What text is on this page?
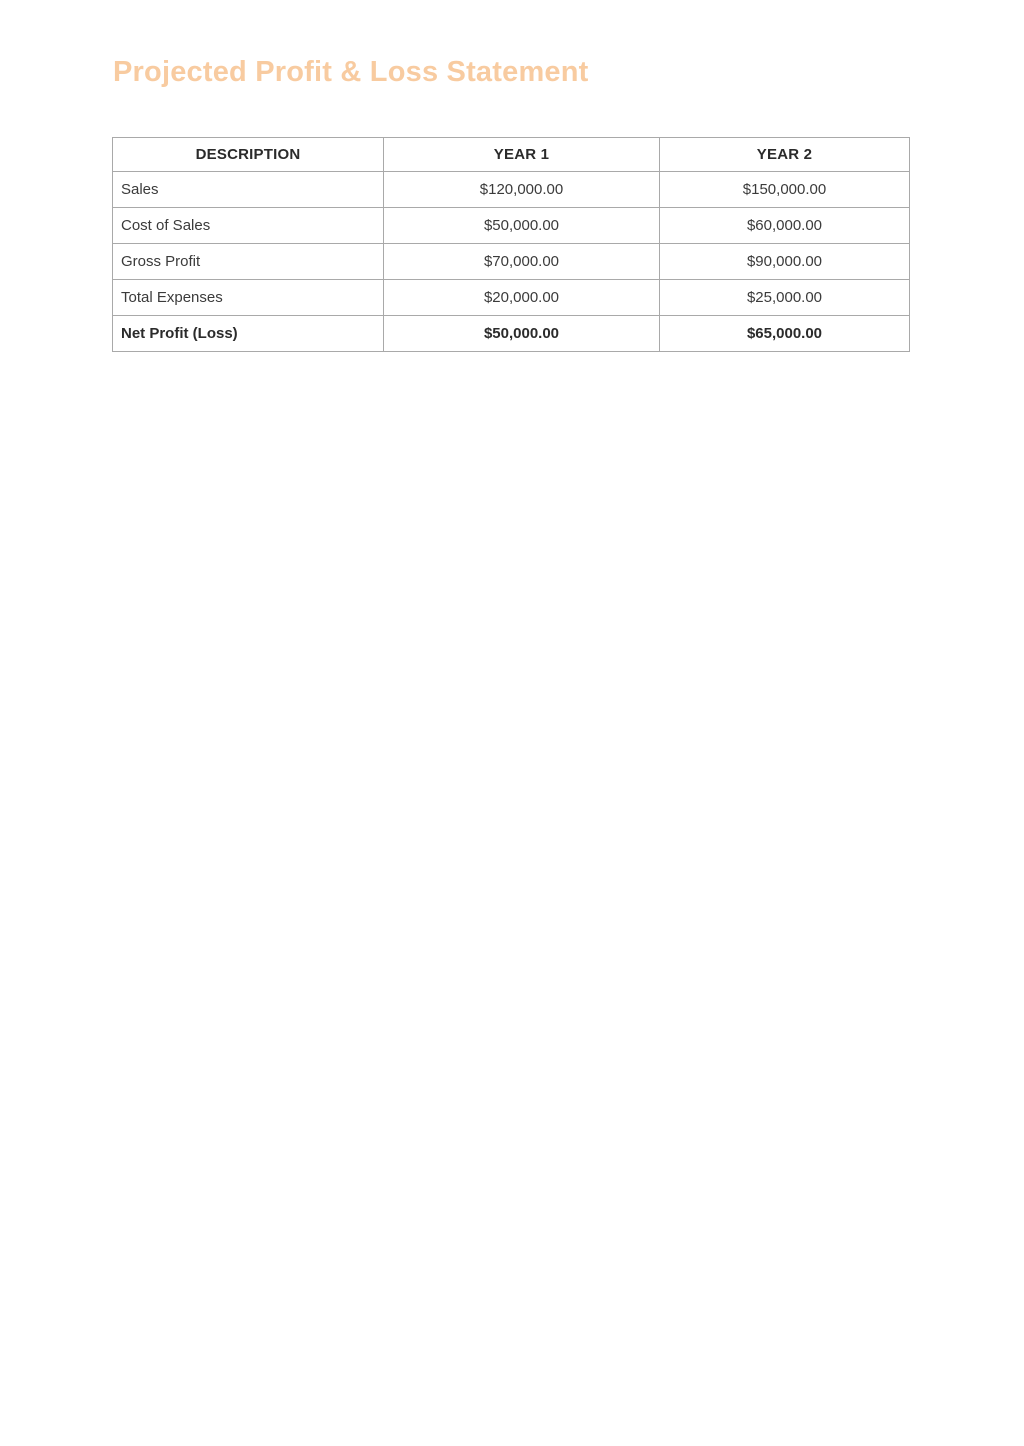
Projected Profit & Loss Statement
DESCRIPTION	YEAR 1	YEAR 2
Sales	$120,000.00	$150,000.00
Cost of Sales	$50,000.00	$60,000.00
Gross Profit	$70,000.00	$90,000.00
Total Expenses	$20,000.00	$25,000.00
Net Profit (Loss)	$50,000.00	$65,000.00
